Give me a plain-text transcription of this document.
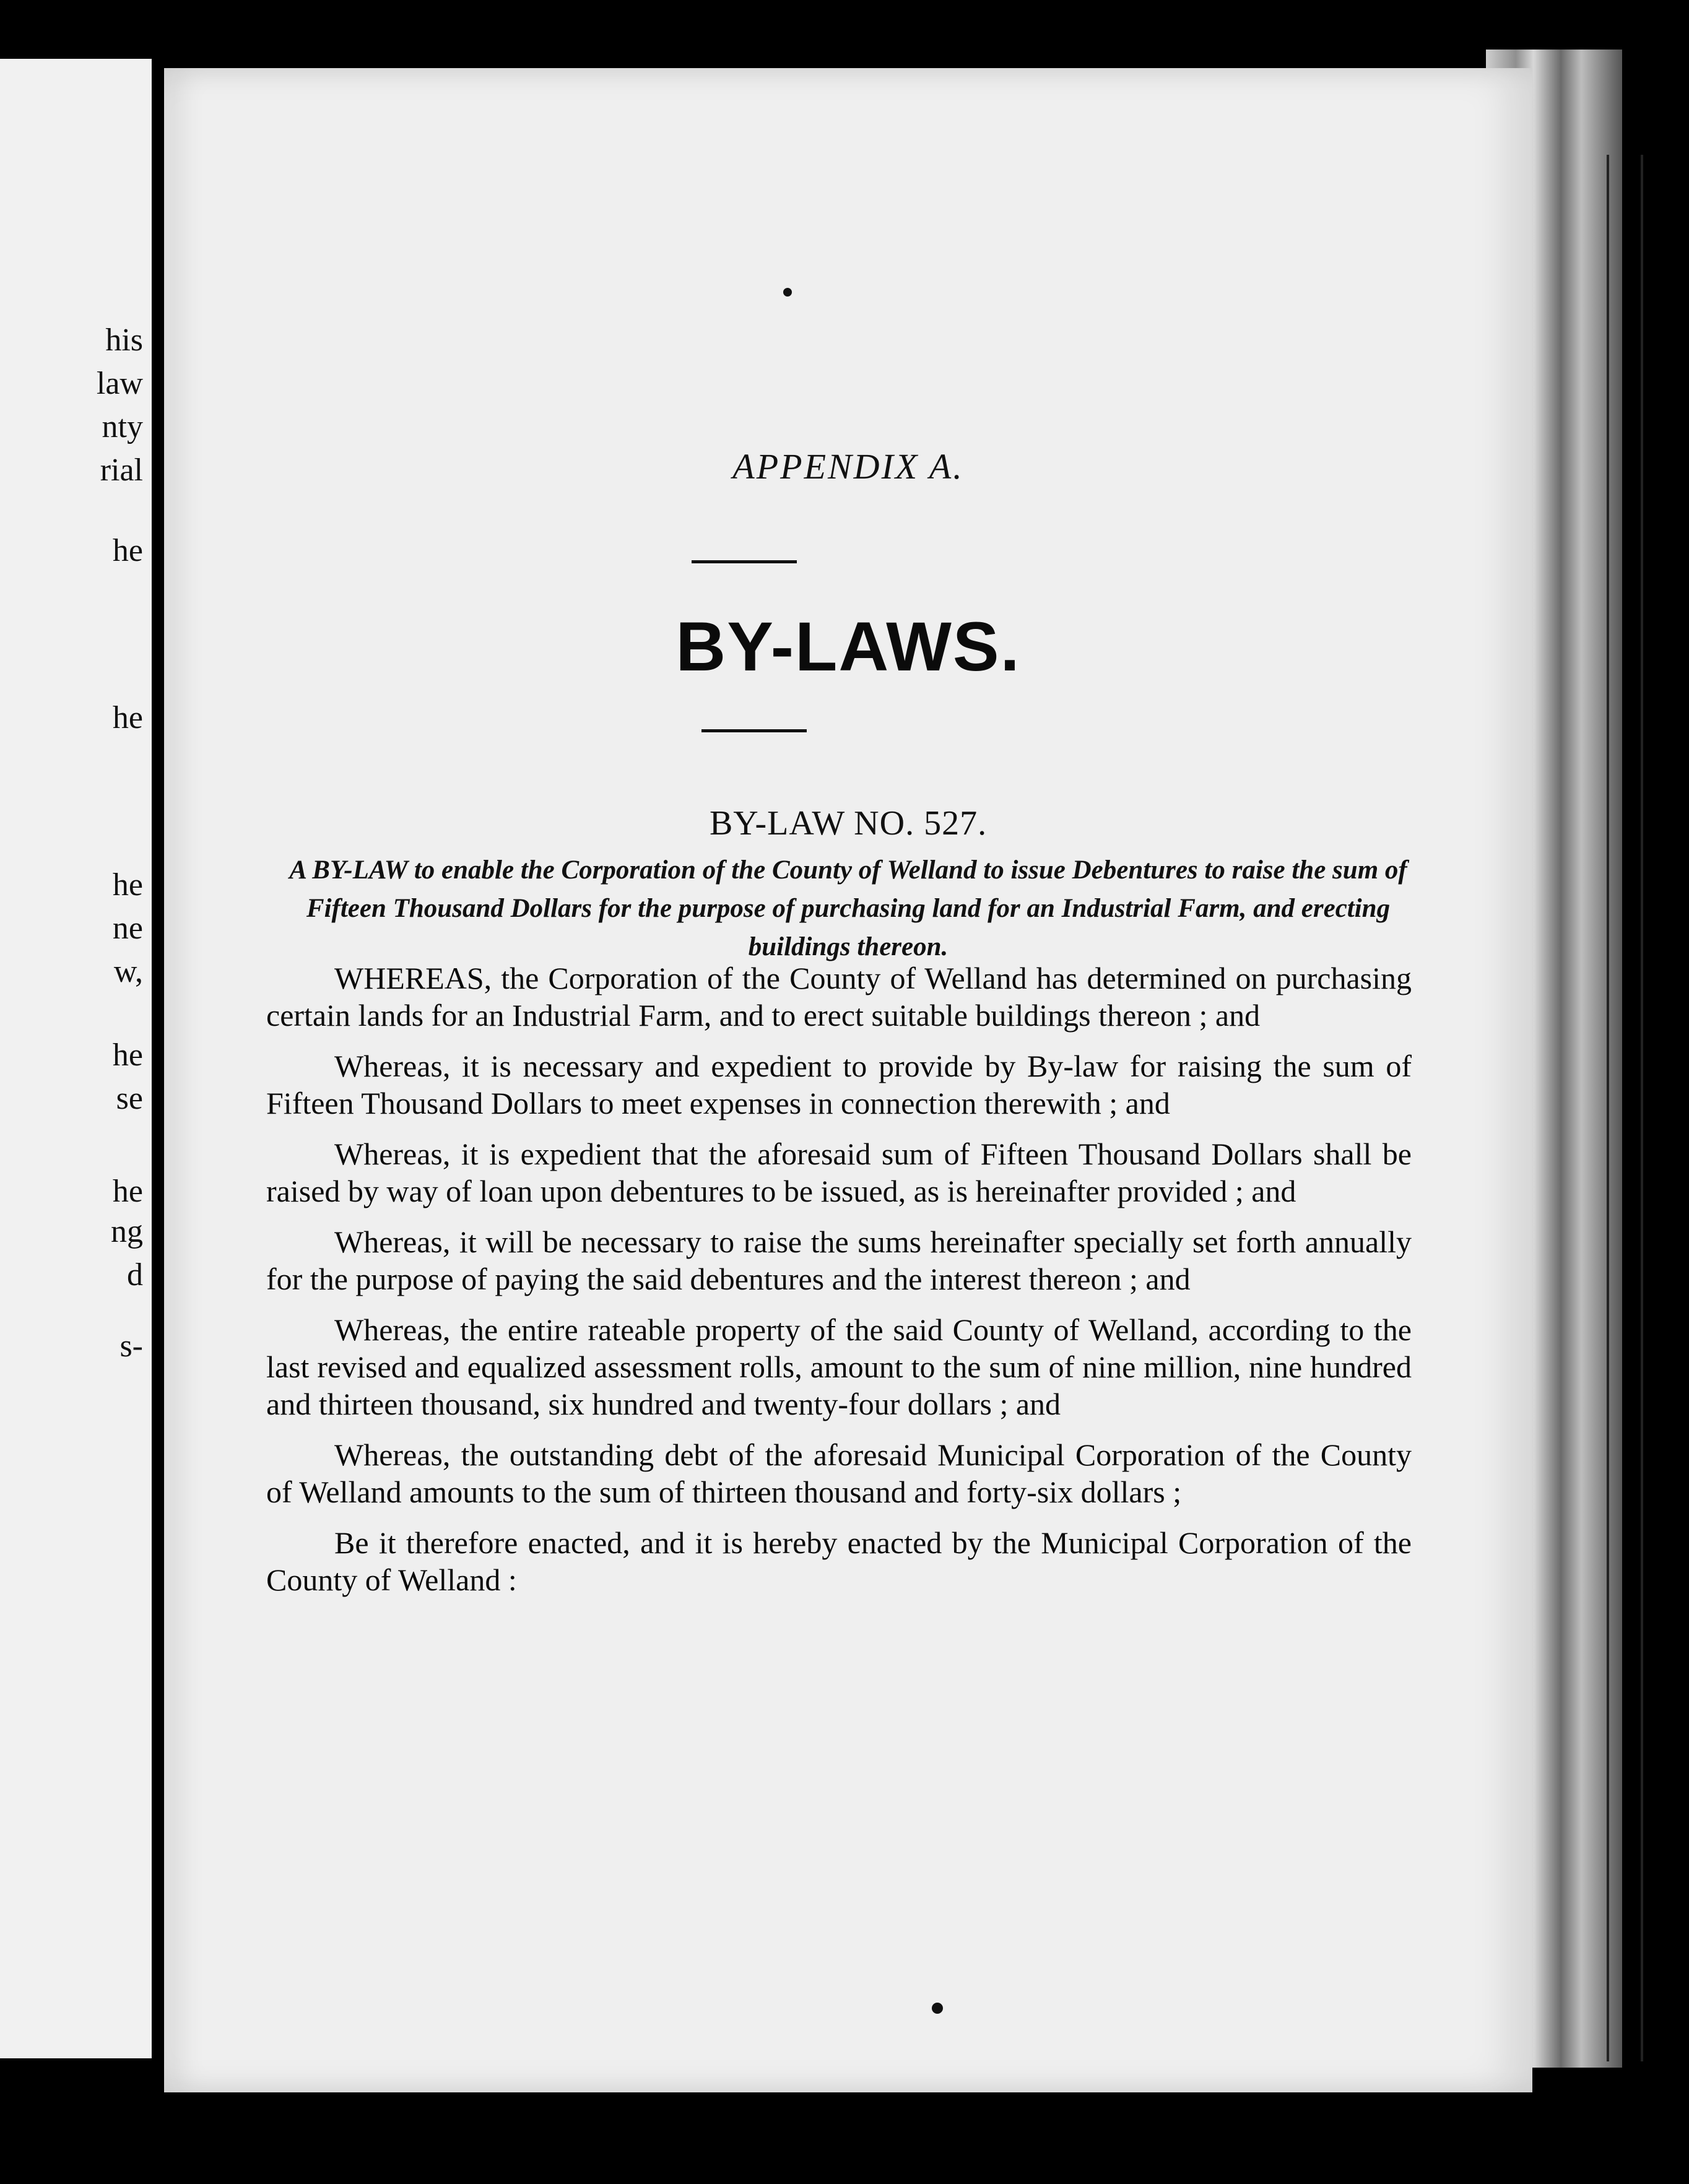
his
law
nty
rial
he
he
he
ne
w,
he
se
he
ng
d
s-
APPENDIX A.
BY-LAWS.
BY-LAW NO. 527.
A BY-LAW to enable the Corporation of the County of Welland to issue Debentures to raise the sum of Fifteen Thousand Dollars for the purpose of purchasing land for an Industrial Farm, and erecting buildings thereon.

WHEREAS, the Corporation of the County of Welland has determined on purchasing certain lands for an Industrial Farm, and to erect suitable buildings thereon ; and

Whereas, it is necessary and expedient to provide by By-law for raising the sum of Fifteen Thousand Dollars to meet expenses in connection therewith ; and

Whereas, it is expedient that the aforesaid sum of Fifteen Thousand Dollars shall be raised by way of loan upon debentures to be issued, as is hereinafter provided ; and

Whereas, it will be necessary to raise the sums hereinafter specially set forth annually for the purpose of paying the said debentures and the interest thereon ; and

Whereas, the entire rateable property of the said County of Welland, according to the last revised and equalized assessment rolls, amount to the sum of nine million, nine hundred and thirteen thousand, six hundred and twenty-four dollars ; and

Whereas, the outstanding debt of the aforesaid Municipal Corporation of the County of Welland amounts to the sum of thirteen thousand and forty-six dollars ;

Be it therefore enacted, and it is hereby enacted by the Municipal Corporation of the County of Welland :
